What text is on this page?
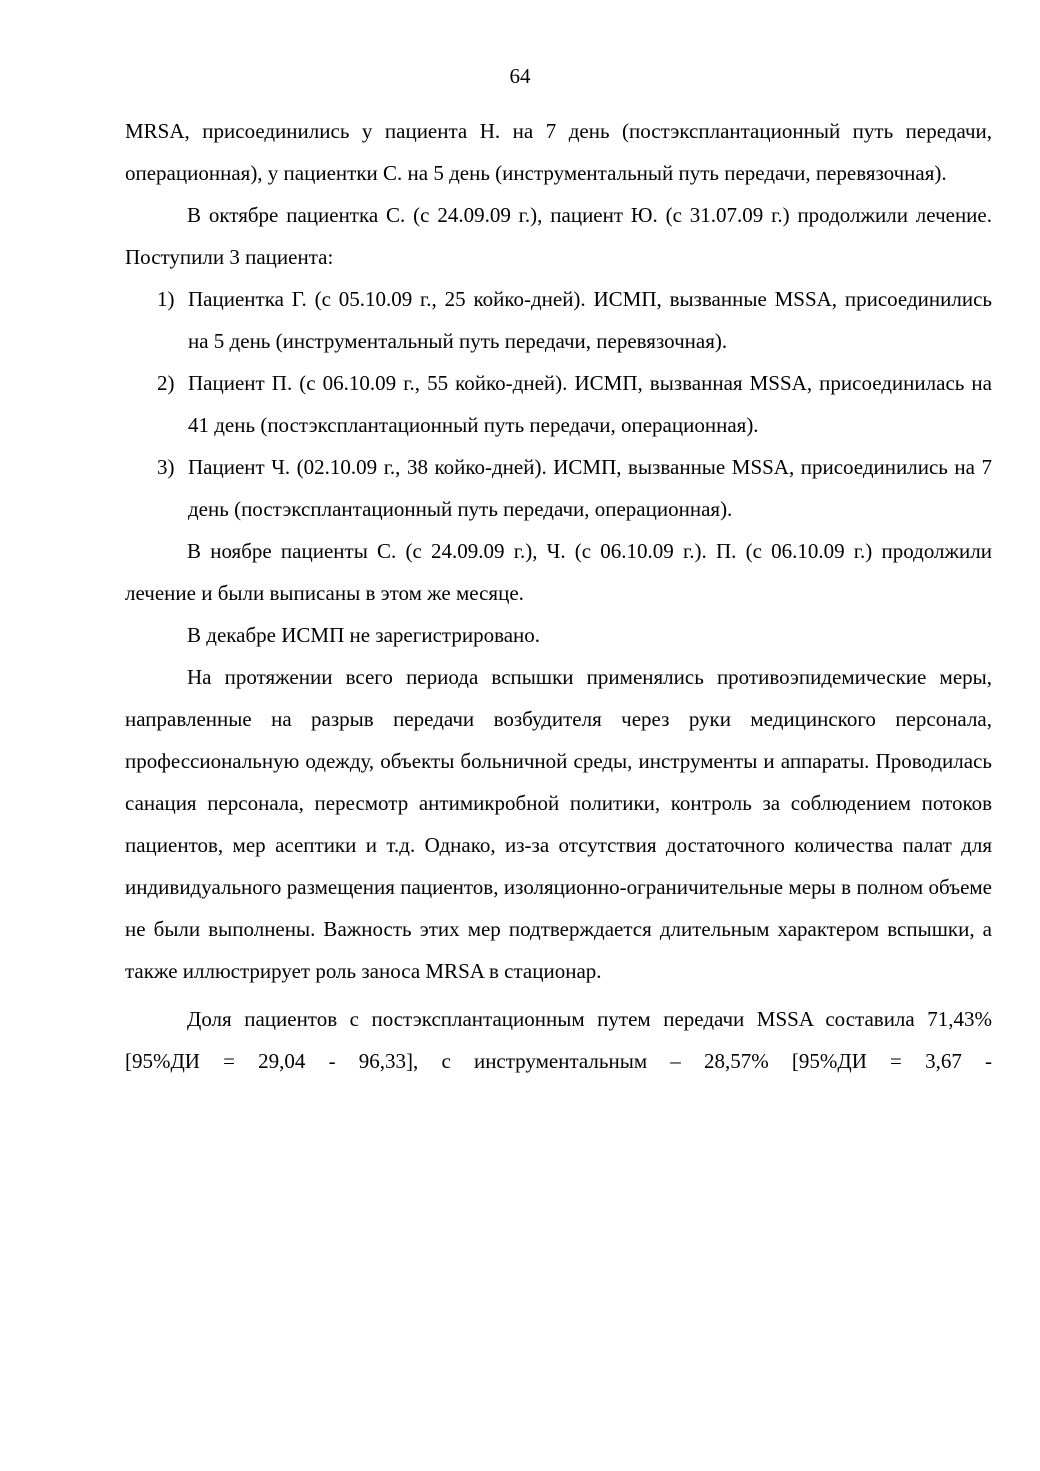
64

MRSA, присоединились у пациента Н. на 7 день (постэксплантационный путь передачи, операционная), у пациентки С. на 5 день (инструментальный путь передачи, перевязочная).

В октябре пациентка С. (с 24.09.09 г.), пациент Ю. (с 31.07.09 г.) продолжили лечение. Поступили 3 пациента:

1) Пациентка Г. (с 05.10.09 г., 25 койко-дней). ИСМП, вызванные MSSA, присоединились на 5 день (инструментальный путь передачи, перевязочная).
2) Пациент П. (с 06.10.09 г., 55 койко-дней). ИСМП, вызванная MSSA, присоединилась на 41 день (постэксплантационный путь передачи, операционная).
3) Пациент Ч. (02.10.09 г., 38 койко-дней). ИСМП, вызванные MSSA, присоединились на 7 день (постэксплантационный путь передачи, операционная).

В ноябре пациенты С. (с 24.09.09 г.), Ч. (с 06.10.09 г.). П. (с 06.10.09 г.) продолжили лечение и были выписаны в этом же месяце.

В декабре ИСМП не зарегистрировано.

На протяжении всего периода вспышки применялись противоэпидемические меры, направленные на разрыв передачи возбудителя через руки медицинского персонала, профессиональную одежду, объекты больничной среды, инструменты и аппараты. Проводилась санация персонала, пересмотр антимикробной политики, контроль за соблюдением потоков пациентов, мер асептики и т.д. Однако, из-за отсутствия достаточного количества палат для индивидуального размещения пациентов, изоляционно-ограничительные меры в полном объеме не были выполнены. Важность этих мер подтверждается длительным характером вспышки, а также иллюстрирует роль заноса MRSA в стационар.

Доля пациентов с постэксплантационным путем передачи MSSA составила 71,43% [95%ДИ = 29,04 - 96,33], с инструментальным – 28,57% [95%ДИ = 3,67 -
